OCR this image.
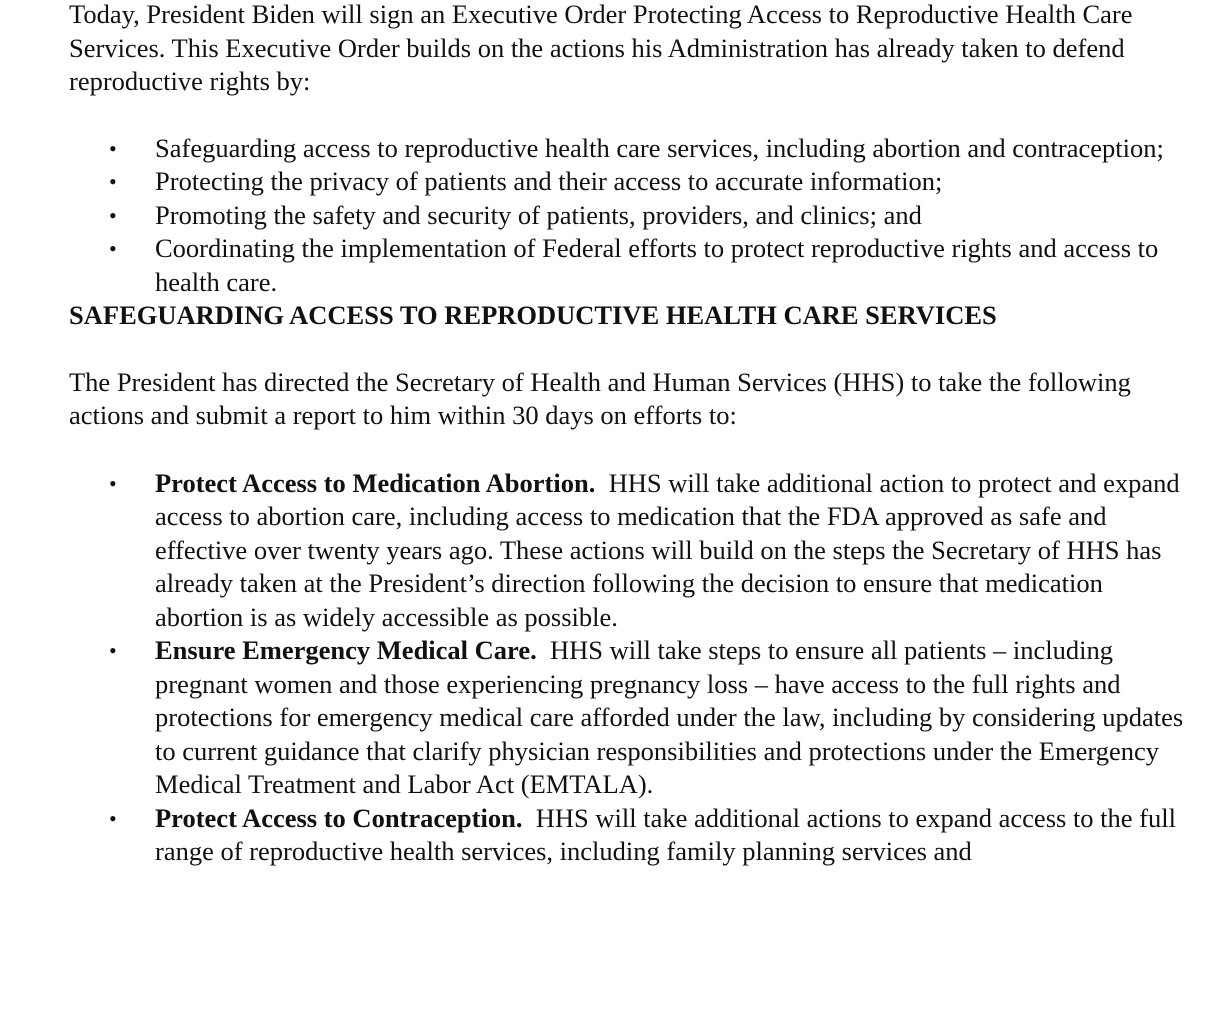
Today, President Biden will sign an Executive Order Protecting Access to Reproductive Health Care Services. This Executive Order builds on the actions his Administration has already taken to defend reproductive rights by:

• Safeguarding access to reproductive health care services, including abortion and contraception;
• Protecting the privacy of patients and their access to accurate information;
• Promoting the safety and security of patients, providers, and clinics; and
• Coordinating the implementation of Federal efforts to protect reproductive rights and access to health care.

SAFEGUARDING ACCESS TO REPRODUCTIVE HEALTH CARE SERVICES

The President has directed the Secretary of Health and Human Services (HHS) to take the following actions and submit a report to him within 30 days on efforts to:

• Protect Access to Medication Abortion. HHS will take additional action to protect and expand access to abortion care, including access to medication that the FDA approved as safe and effective over twenty years ago. These actions will build on the steps the Secretary of HHS has already taken at the President’s direction following the decision to ensure that medication abortion is as widely accessible as possible.
• Ensure Emergency Medical Care. HHS will take steps to ensure all patients – including pregnant women and those experiencing pregnancy loss – have access to the full rights and protections for emergency medical care afforded under the law, including by considering updates to current guidance that clarify physician responsibilities and protections under the Emergency Medical Treatment and Labor Act (EMTALA).
• Protect Access to Contraception. HHS will take additional actions to expand access to the full range of reproductive health services, including family planning services and
